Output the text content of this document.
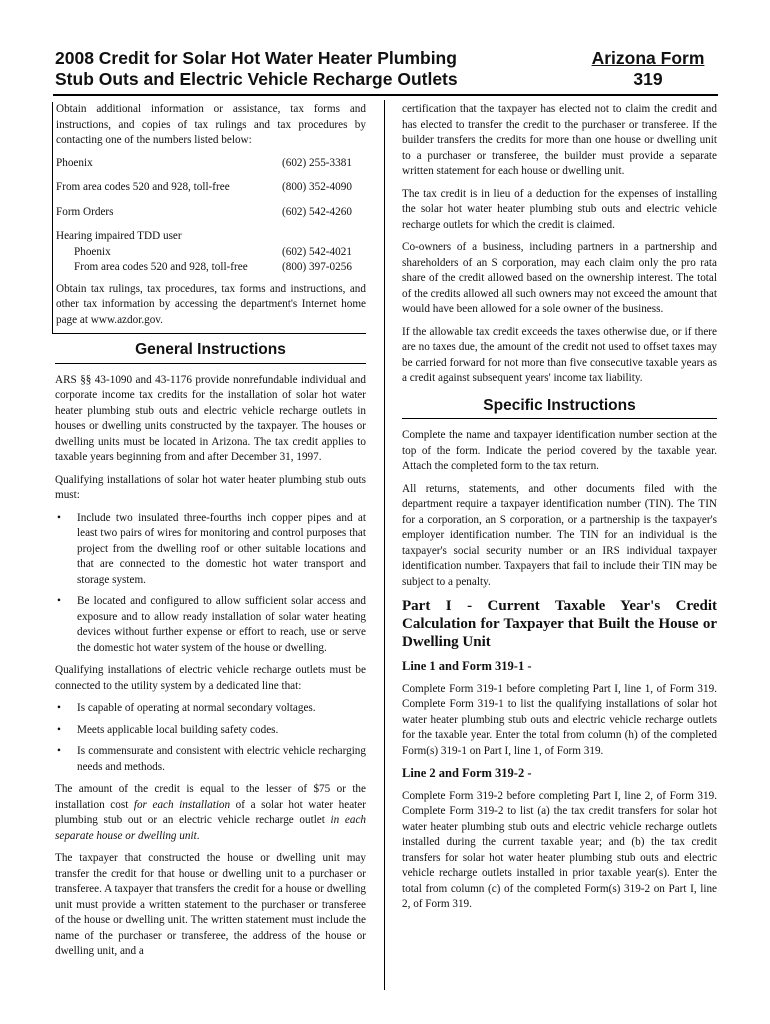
2008 Credit for Solar Hot Water Heater Plumbing
Stub Outs and Electric Vehicle Recharge Outlets
Arizona Form
319

Obtain additional information or assistance, tax forms and instructions, and copies of tax rulings and tax procedures by contacting one of the numbers listed below:

Phoenix	(602) 255-3381
From area codes 520 and 928, toll-free	(800) 352-4090
Form Orders	(602) 542-4260
Hearing impaired TDD user
Phoenix	(602) 542-4021
From area codes 520 and 928, toll-free	(800) 397-0256
Obtain tax rulings, tax procedures, tax forms and instructions, and other tax information by accessing the department's Internet home page at www.azdor.gov.
General Instructions

ARS §§ 43-1090 and 43-1176 provide nonrefundable individual and corporate income tax credits for the installation of solar hot water heater plumbing stub outs and electric vehicle recharge outlets in houses or dwelling units constructed by the taxpayer. The houses or dwelling units must be located in Arizona. The tax credit applies to taxable years beginning from and after December 31, 1997.

Qualifying installations of solar hot water heater plumbing stub outs must:

• Include two insulated three-fourths inch copper pipes and at least two pairs of wires for monitoring and control purposes that project from the dwelling roof or other suitable locations and that are connected to the domestic hot water transport and storage system.
• Be located and configured to allow sufficient solar access and exposure and to allow ready installation of solar water heating devices without further expense or effort to reach, use or serve the domestic hot water system of the house or dwelling.

Qualifying installations of electric vehicle recharge outlets must be connected to the utility system by a dedicated line that:

• Is capable of operating at normal secondary voltages.
• Meets applicable local building safety codes.
• Is commensurate and consistent with electric vehicle recharging needs and methods.

The amount of the credit is equal to the lesser of $75 or the installation cost for each installation of a solar hot water heater plumbing stub out or an electric vehicle recharge outlet in each separate house or dwelling unit.

The taxpayer that constructed the house or dwelling unit may transfer the credit for that house or dwelling unit to a purchaser or transferee. A taxpayer that transfers the credit for a house or dwelling unit must provide a written statement to the purchaser or transferee of the house or dwelling unit. The written statement must include the name of the purchaser or transferee, the address of the house or dwelling unit, and a

certification that the taxpayer has elected not to claim the credit and has elected to transfer the credit to the purchaser or transferee. If the builder transfers the credits for more than one house or dwelling unit to a purchaser or transferee, the builder must provide a separate written statement for each house or dwelling unit.

The tax credit is in lieu of a deduction for the expenses of installing the solar hot water heater plumbing stub outs and electric vehicle recharge outlets for which the credit is claimed.

Co-owners of a business, including partners in a partnership and shareholders of an S corporation, may each claim only the pro rata share of the credit allowed based on the ownership interest. The total of the credits allowed all such owners may not exceed the amount that would have been allowed for a sole owner of the business.

If the allowable tax credit exceeds the taxes otherwise due, or if there are no taxes due, the amount of the credit not used to offset taxes may be carried forward for not more than five consecutive taxable years as a credit against subsequent years' income tax liability.

Specific Instructions

Complete the name and taxpayer identification number section at the top of the form. Indicate the period covered by the taxable year. Attach the completed form to the tax return.

All returns, statements, and other documents filed with the department require a taxpayer identification number (TIN). The TIN for a corporation, an S corporation, or a partnership is the taxpayer's employer identification number. The TIN for an individual is the taxpayer's social security number or an IRS individual taxpayer identification number. Taxpayers that fail to include their TIN may be subject to a penalty.

Part I - Current Taxable Year's Credit Calculation for Taxpayer that Built the House or Dwelling Unit
Line 1 and Form 319-1 -

Complete Form 319-1 before completing Part I, line 1, of Form 319. Complete Form 319-1 to list the qualifying installations of solar hot water heater plumbing stub outs and electric vehicle recharge outlets for the taxable year. Enter the total from column (h) of the completed Form(s) 319-1 on Part I, line 1, of Form 319.

Line 2 and Form 319-2 -

Complete Form 319-2 before completing Part I, line 2, of Form 319. Complete Form 319-2 to list (a) the tax credit transfers for solar hot water heater plumbing stub outs and electric vehicle recharge outlets installed during the current taxable year; and (b) the tax credit transfers for solar hot water heater plumbing stub outs and electric vehicle recharge outlets installed in prior taxable year(s). Enter the total from column (c) of the completed Form(s) 319-2 on Part I, line 2, of Form 319.
